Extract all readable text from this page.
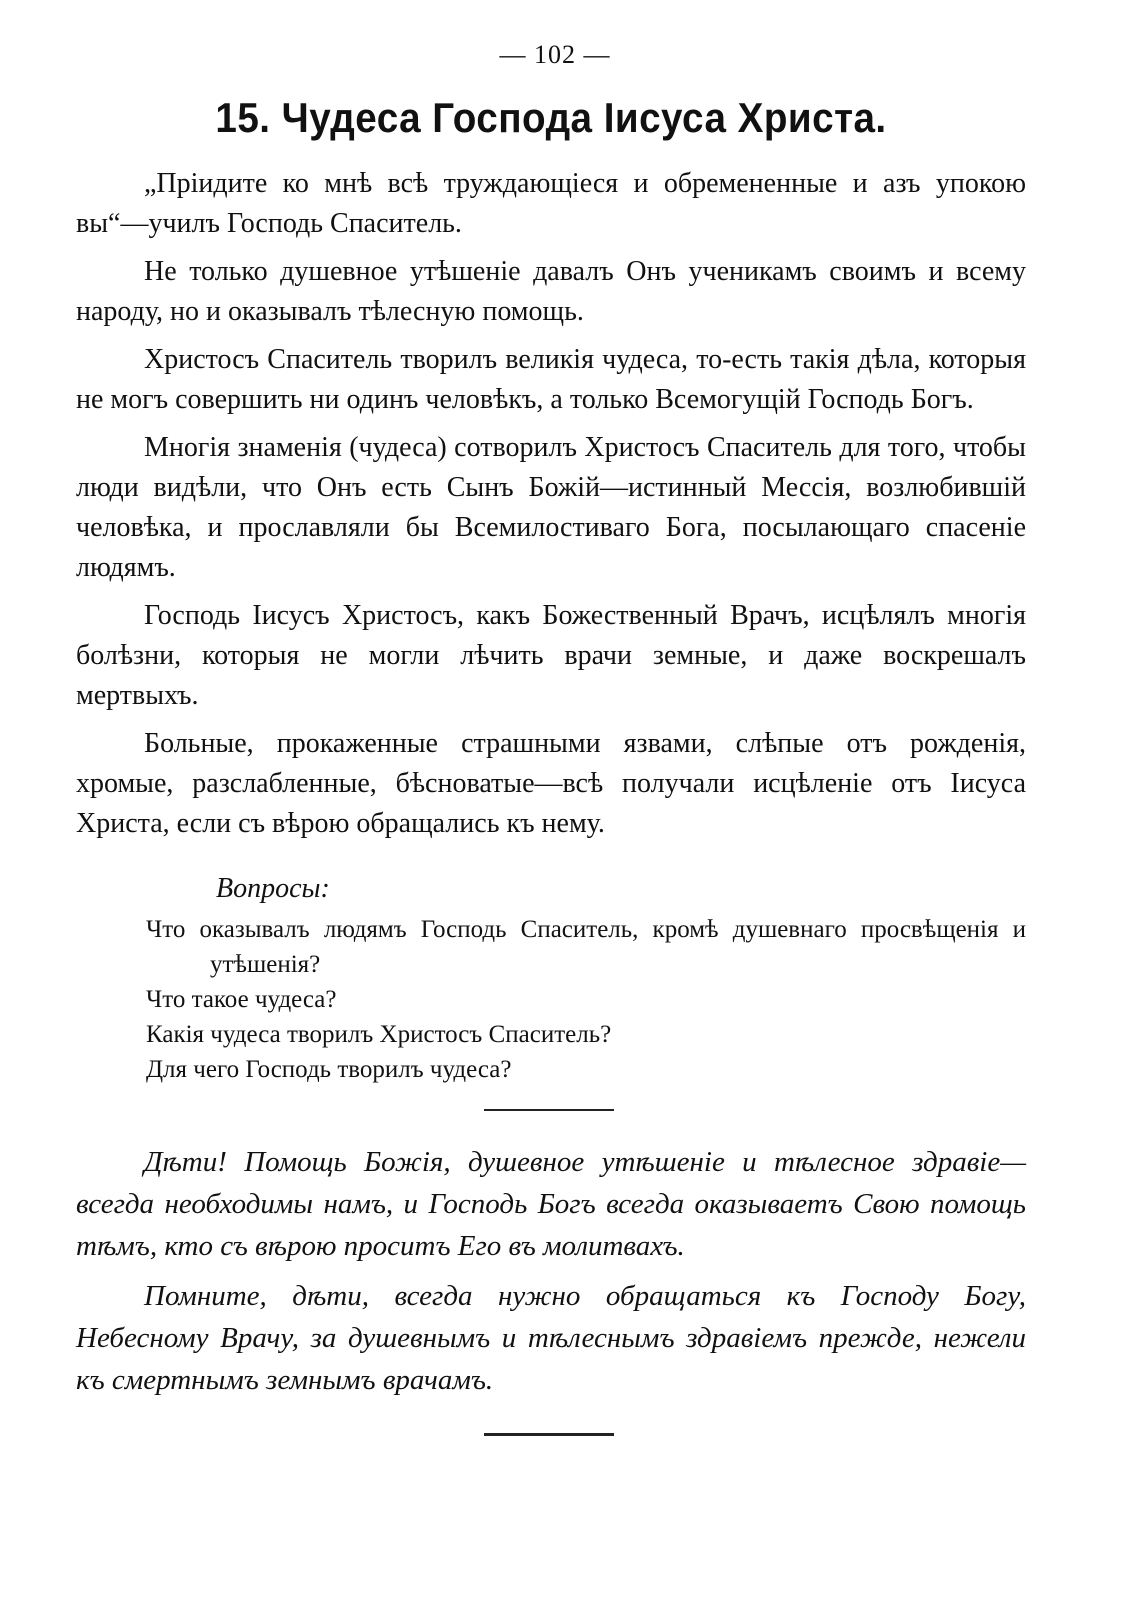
— 102 —
15. Чудеса Господа Іисуса Христа.

„Пріидите ко мнѣ всѣ труждающіеся и обремененные и азъ упокою вы“—училъ Господь Спаситель.

Не только душевное утѣшеніе давалъ Онъ ученикамъ своимъ и всему народу, но и оказывалъ тѣлесную помощь.

Христосъ Спаситель творилъ великія чудеса, то-есть такія дѣла, которыя не могъ совершить ни одинъ человѣкъ, а только Всемогущій Господь Богъ.

Многія знаменія (чудеса) сотворилъ Христосъ Спаситель для того, чтобы люди видѣли, что Онъ есть Сынъ Божій—истинный Мессія, возлюбившій человѣка, и прославляли бы Всемилостиваго Бога, посылающаго спасеніе людямъ.

Господь Іисусъ Христосъ, какъ Божественный Врачъ, исцѣлялъ многія болѣзни, которыя не могли лѣчить врачи земные, и даже воскрешалъ мертвыхъ.

Больные, прокаженные страшными язвами, слѣпые отъ рожденія, хромые, разслабленные, бѣсноватые—всѣ получали исцѣленіе отъ Іисуса Христа, если съ вѣрою обращались къ нему.

Вопросы:

Что оказывалъ людямъ Господь Спаситель, кромѣ душевнаго просвѣщенія и утѣшенія?

Что такое чудеса?

Какія чудеса творилъ Христосъ Спаситель?

Для чего Господь творилъ чудеса?

Дѣти! Помощь Божія, душевное утѣшеніе и тѣлесное здравіе—всегда необходимы намъ, и Господь Богъ всегда оказываетъ Свою помощь тѣмъ, кто съ вѣрою проситъ Его въ молитвахъ.

Помните, дѣти, всегда нужно обращаться къ Господу Богу, Небесному Врачу, за душевнымъ и тѣлеснымъ здравіемъ прежде, нежели къ смертнымъ земнымъ врачамъ.
